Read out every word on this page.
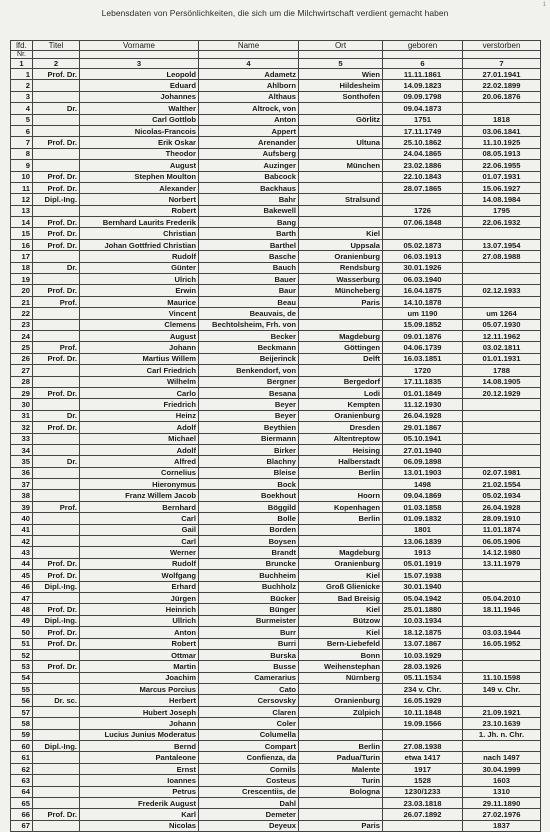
1
Lebensdaten von Persönlichkeiten, die sich um die Milchwirtschaft verdient gemacht haben
lfd.	Titel	Vorname	Name	Ort	geboren	verstorben
Nr.						
1	2	3	4	5	6	7
1	Prof. Dr.	Leopold	Adametz	Wien	11.11.1861	27.01.1941
2		Eduard	Ahlborn	Hildesheim	14.09.1823	22.02.1899
3		Johannes	Althaus	Sonthofen	09.09.1798	20.06.1876
4	Dr.	Walther	Altrock, von		09.04.1873	
5		Carl Gottlob	Anton	Görlitz	1751	1818
6		Nicolas-Francois	Appert		17.11.1749	03.06.1841
7	Prof. Dr.	Erik Oskar	Arenander	Ultuna	25.10.1862	11.10.1925
8		Theodor	Aufsberg		24.04.1865	08.05.1913
9		August	Auzinger	München	23.02.1886	22.06.1955
10	Prof. Dr.	Stephen Moulton	Babcock		22.10.1843	01.07.1931
11	Prof. Dr.	Alexander	Backhaus		28.07.1865	15.06.1927
12	Dipl.-Ing.	Norbert	Bahr	Stralsund		14.08.1984
13		Robert	Bakewell		1726	1795
14	Prof. Dr.	Bernhard Laurits Frederik	Bang		07.06.1848	22.06.1932
15	Prof. Dr.	Christian	Barth	Kiel		
16	Prof. Dr.	Johan Gottfried Christian	Barthel	Uppsala	05.02.1873	13.07.1954
17		Rudolf	Basche	Oranienburg	06.03.1913	27.08.1988
18	Dr.	Günter	Bauch	Rendsburg	30.01.1926	
19		Ulrich	Bauer	Wasserburg	06.03.1940	
20	Prof. Dr.	Erwin	Baur	Müncheberg	16.04.1875	02.12.1933
21	Prof.	Maurice	Beau	Paris	14.10.1878	
22		Vincent	Beauvais, de		um 1190	um 1264
23		Clemens	Bechtolsheim, Frh. von		15.09.1852	05.07.1930
24		August	Becker	Magdeburg	09.01.1876	12.11.1962
25	Prof.	Johann	Beckmann	Göttingen	04.06.1739	03.02.1811
26	Prof. Dr.	Martius Willem	Beijerinck	Delft	16.03.1851	01.01.1931
27		Carl Friedrich	Benkendorf, von		1720	1788
28		Wilhelm	Bergner	Bergedorf	17.11.1835	14.08.1905
29	Prof. Dr.	Carlo	Besana	Lodi	01.01.1849	20.12.1929
30		Friedrich	Beyer	Kempten	11.12.1930	
31	Dr.	Heinz	Beyer	Oranienburg	26.04.1928	
32	Prof. Dr.	Adolf	Beythien	Dresden	29.01.1867	
33		Michael	Biermann	Altentreptow	05.10.1941	
34		Adolf	Birker	Heising	27.01.1940	
35	Dr.	Alfred	Blachny	Halberstadt	06.09.1898	
36		Cornelius	Bleise	Berlin	13.01.1903	02.07.1981
37		Hieronymus	Bock		1498	21.02.1554
38		Franz Willem Jacob	Boekhout	Hoorn	09.04.1869	05.02.1934
39	Prof.	Bernhard	Böggild	Kopenhagen	01.03.1858	26.04.1928
40		Carl	Bolle	Berlin	01.09.1832	28.09.1910
41		Gail	Borden		1801	11.01.1874
42		Carl	Boysen		13.06.1839	06.05.1906
43		Werner	Brandt	Magdeburg	1913	14.12.1980
44	Prof. Dr.	Rudolf	Bruncke	Oranienburg	05.01.1919	13.11.1979
45	Prof. Dr.	Wolfgang	Buchheim	Kiel	15.07.1938	
46	Dipl.-Ing.	Erhard	Buchholz	Groß Glienicke	30.01.1940	
47		Jürgen	Bücker	Bad Breisig	05.04.1942	05.04.2010
48	Prof. Dr.	Heinrich	Bünger	Kiel	25.01.1880	18.11.1946
49	Dipl.-Ing.	Ullrich	Burmeister	Bützow	10.03.1934	
50	Prof. Dr.	Anton	Burr	Kiel	18.12.1875	03.03.1944
51	Prof. Dr.	Robert	Burri	Bern-Liebefeld	13.07.1867	16.05.1952
52		Ottmar	Burska	Bonn	10.03.1929	
53	Prof. Dr.	Martin	Busse	Weihenstephan	28.03.1926	
54		Joachim	Camerarius	Nürnberg	05.11.1534	11.10.1598
55		Marcus Porcius	Cato		234 v. Chr.	149 v. Chr.
56	Dr. sc.	Herbert	Cersovsky	Oranienburg	16.05.1929	
57		Hubert Joseph	Claren	Zülpich	10.11.1848	21.09.1921
58		Johann	Coler		19.09.1566	23.10.1639
59		Lucius Junius Moderatus	Columella			1. Jh. n. Chr.
60	Dipl.-Ing.	Bernd	Compart	Berlin	27.08.1938	
61		Pantaleone	Confienza, da	Padua/Turin	etwa 1417	nach 1497
62		Ernst	Cornils	Malente	1917	30.04.1999
63		Ioannes	Costeus	Turin	1528	1603
64		Petrus	Crescentiis, de	Bologna	1230/1233	1310
65		Frederik August	Dahl		23.03.1818	29.11.1890
66	Prof. Dr.	Karl	Demeter		26.07.1892	27.02.1976
67		Nicolas	Deyeux	Paris		1837
